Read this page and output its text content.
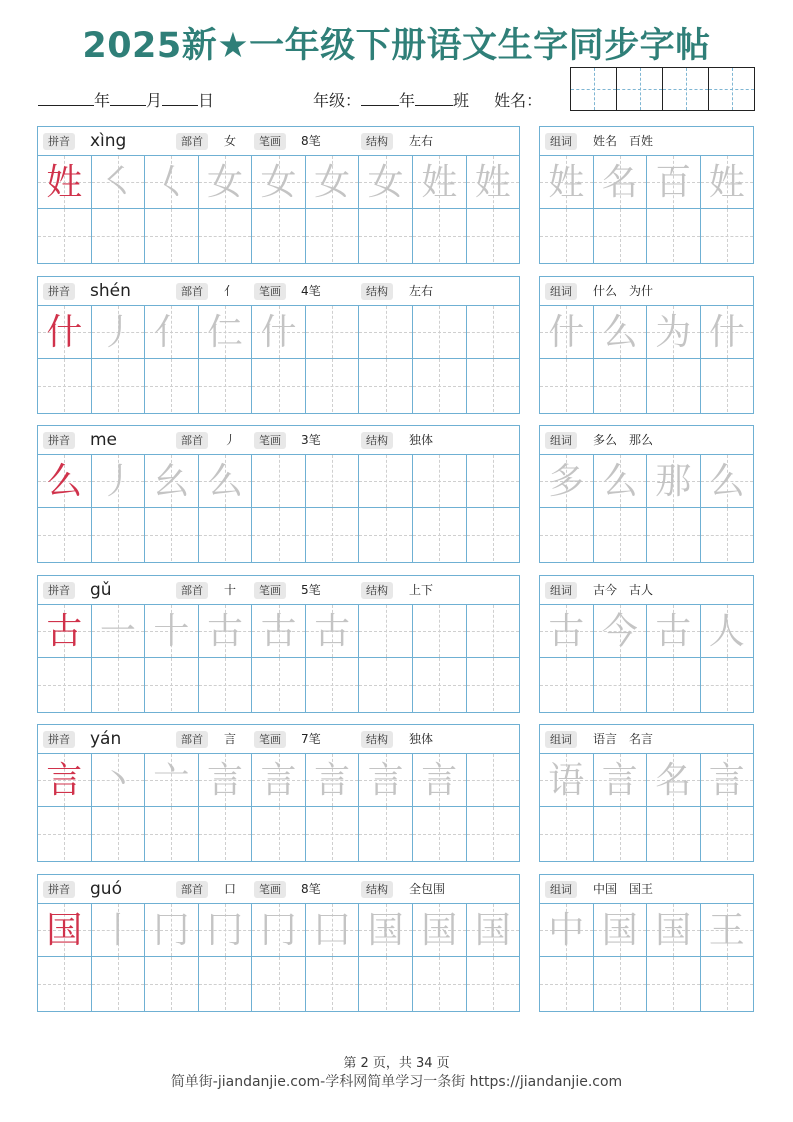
2025新★一年级下册语文生字同步字帖
年 月 日	年级： 年 班 姓名：
拼音 xìng	部首	女	笔画	8笔	结构	左右
姓 ㇛ 𡿨 女 女 女 女 姓 姓
组词	姓名　百姓
姓 名 百 姓
拼音 shén	部首	亻	笔画	4笔	结构	左右
什 丿 亻 仁 什
组词	什么　为什
什 么 为 什
拼音 me	部首	丿	笔画	3笔	结构	独体
么 丿 幺 么
组词	多么　那么
多 么 那 么
拼音 gǔ	部首	十	笔画	5笔	结构	上下
古 一 十 古 古 古
组词	古今　古人
古 今 古 人
拼音 yán	部首	言	笔画	7笔	结构	独体
言 丶 亠 言 言 言 言 言
组词	语言　名言
语 言 名 言
拼音 guó	部首	口	笔画	8笔	结构	全包围
国 丨 冂 冂 冂 囗 国 国 国
组词	中国　国王
中 国 国 王
第 2 页，共 34 页
简单街-jiandanjie.com-学科网简单学习一条街 https://jiandanjie.com
